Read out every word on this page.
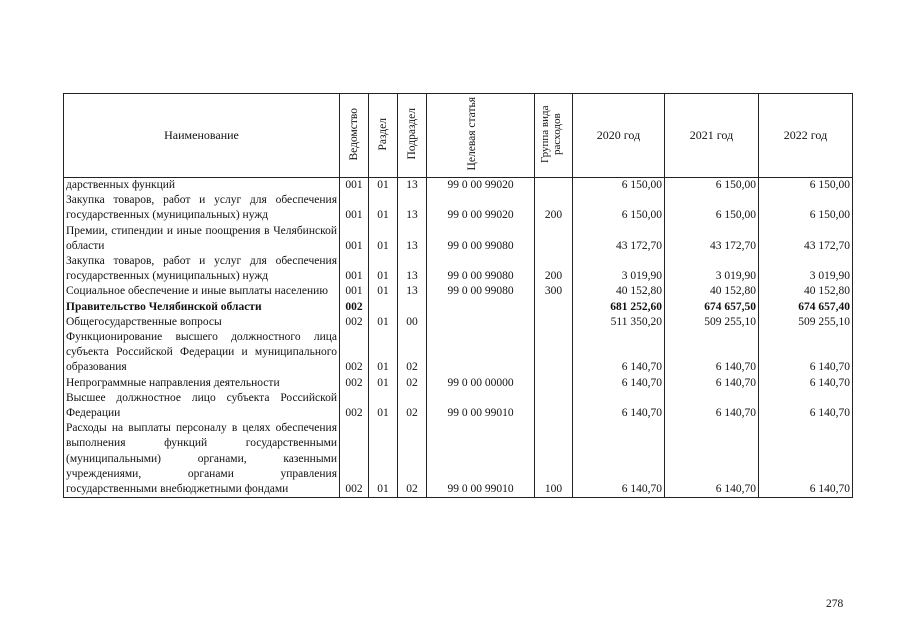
Наименование	Ведомство	Раздел	Подраздел	Целевая статья	Группа вида расходов	2020 год	2021 год	2022 год
дарственных функций	001	01	13	99 0 00 99020		6 150,00	6 150,00	6 150,00
Закупка товаров, работ и услуг для обеспечения государственных (муниципальных) нужд	001	01	13	99 0 00 99020	200	6 150,00	6 150,00	6 150,00
Премии, стипендии и иные поощрения в Челябинской области	001	01	13	99 0 00 99080		43 172,70	43 172,70	43 172,70
Закупка товаров, работ и услуг для обеспечения государственных (муниципальных) нужд	001	01	13	99 0 00 99080	200	3 019,90	3 019,90	3 019,90
Социальное обеспечение и иные выплаты населению	001	01	13	99 0 00 99080	300	40 152,80	40 152,80	40 152,80
Правительство Челябинской области	002					681 252,60	674 657,50	674 657,40
Общегосударственные вопросы	002	01	00			511 350,20	509 255,10	509 255,10
Функционирование высшего должностного лица субъекта Российской Федерации и муниципального образования	002	01	02			6 140,70	6 140,70	6 140,70
Непрограммные направления деятельности	002	01	02	99 0 00 00000		6 140,70	6 140,70	6 140,70
Высшее должностное лицо субъекта Российской Федерации	002	01	02	99 0 00 99010		6 140,70	6 140,70	6 140,70
Расходы на выплаты персоналу в целях обеспечения выполнения функций государственными (муниципальными) органами, казенными учреждениями, органами управления государственными внебюджетными фондами	002	01	02	99 0 00 99010	100	6 140,70	6 140,70	6 140,70
278
